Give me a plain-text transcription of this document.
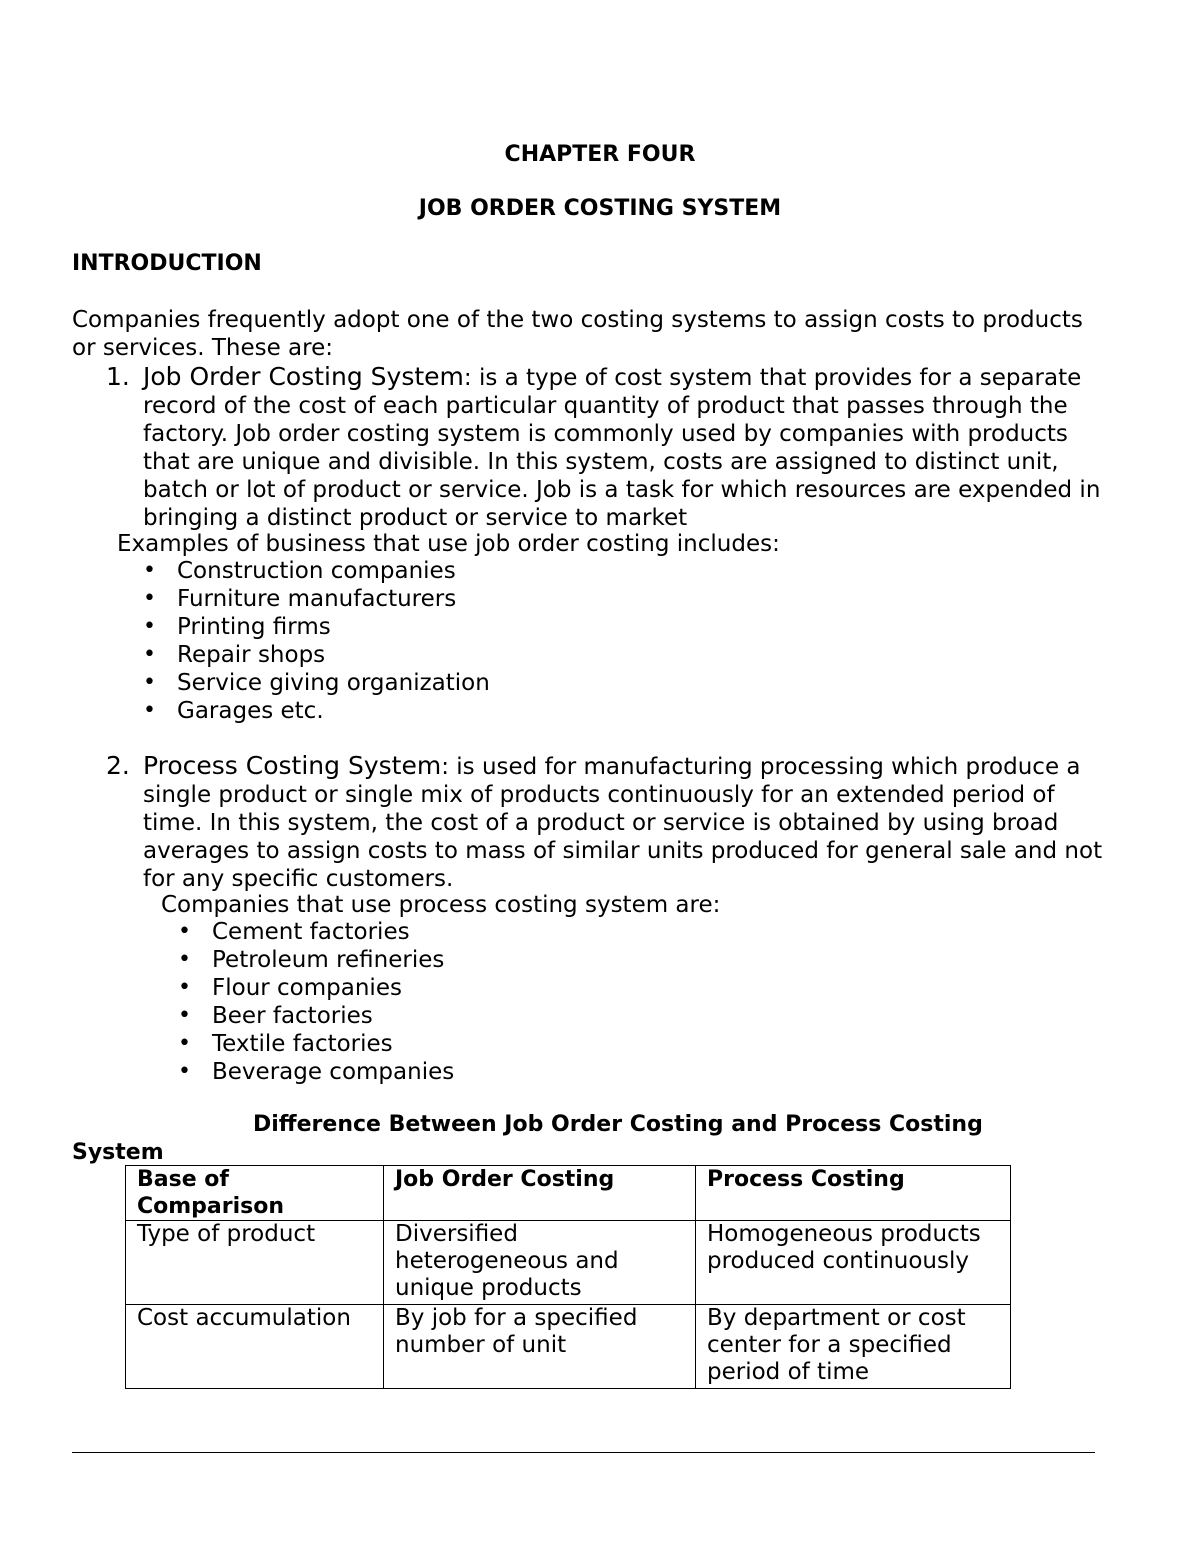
CHAPTER FOUR
JOB ORDER COSTING SYSTEM
INTRODUCTION
Companies frequently adopt one of the two costing systems to assign costs to products
or services. These are:
1. Job Order Costing System: is a type of cost system that provides for a separate
record of the cost of each particular quantity of product that passes through the
factory. Job order costing system is commonly used by companies with products
that are unique and divisible. In this system, costs are assigned to distinct unit,
batch or lot of product or service. Job is a task for which resources are expended in
bringing a distinct product or service to market
Examples of business that use job order costing includes:
• Construction companies
• Furniture manufacturers
• Printing firms
• Repair shops
• Service giving organization
• Garages etc.
2. Process Costing System: is used for manufacturing processing which produce a
single product or single mix of products continuously for an extended period of
time. In this system, the cost of a product or service is obtained by using broad
averages to assign costs to mass of similar units produced for general sale and not
for any specific customers.
Companies that use process costing system are:
• Cement factories
• Petroleum refineries
• Flour companies
• Beer factories
• Textile factories
• Beverage companies
Difference Between Job Order Costing and Process Costing
System
Base of Comparison	Job Order Costing	Process Costing
Type of product	Diversified heterogeneous and unique products	Homogeneous products produced continuously
Cost accumulation	By job for a specified number of unit	By department or cost center for a specified period of time
